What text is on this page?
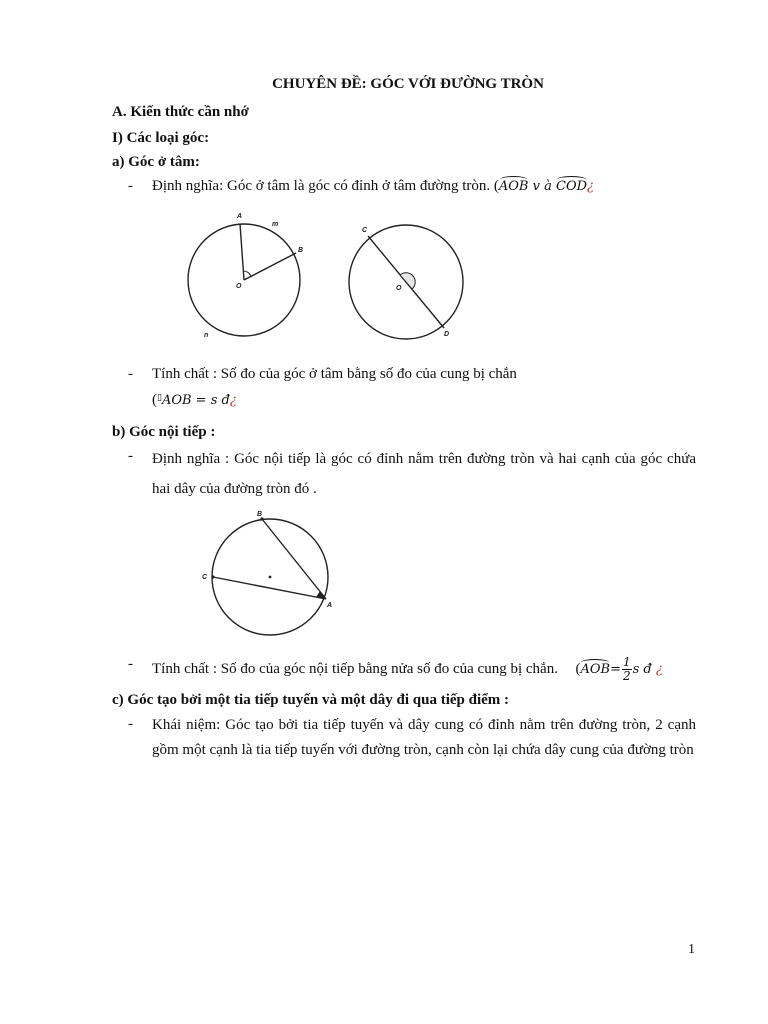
CHUYÊN ĐỀ: GÓC VỚI ĐƯỜNG TRÒN
A. Kiến thức cần nhớ
I) Các loại góc:
a) Góc ở tâm:
- Định nghĩa: Góc ở tâm là góc có đỉnh ở tâm đường tròn. (AOB v à COD¿
A
B
O
m
n
C
D
O
- Tính chất : Số đo của góc ở tâm bằng số đo của cung bị chắn
(▯AOB = s đ¿
b) Góc nội tiếp :
- Định nghĩa : Góc nội tiếp là góc có đỉnh nằm trên đường tròn và hai cạnh của góc chứa hai dây của đường tròn đó .
B
C
A
- Tính chất : Số đo của góc nội tiếp bằng nửa số đo của cung bị chắn. ($AOB= \frac{1}{2}$ s đ ¿
c) Góc tạo bởi một tia tiếp tuyến và một dây đi qua tiếp điểm :
- Khái niệm: Góc tạo bởi tia tiếp tuyến và dây cung có đỉnh nằm trên đường tròn, 2 cạnh gồm một cạnh là tia tiếp tuyến với đường tròn, cạnh còn lại chứa dây cung của đường tròn
1
